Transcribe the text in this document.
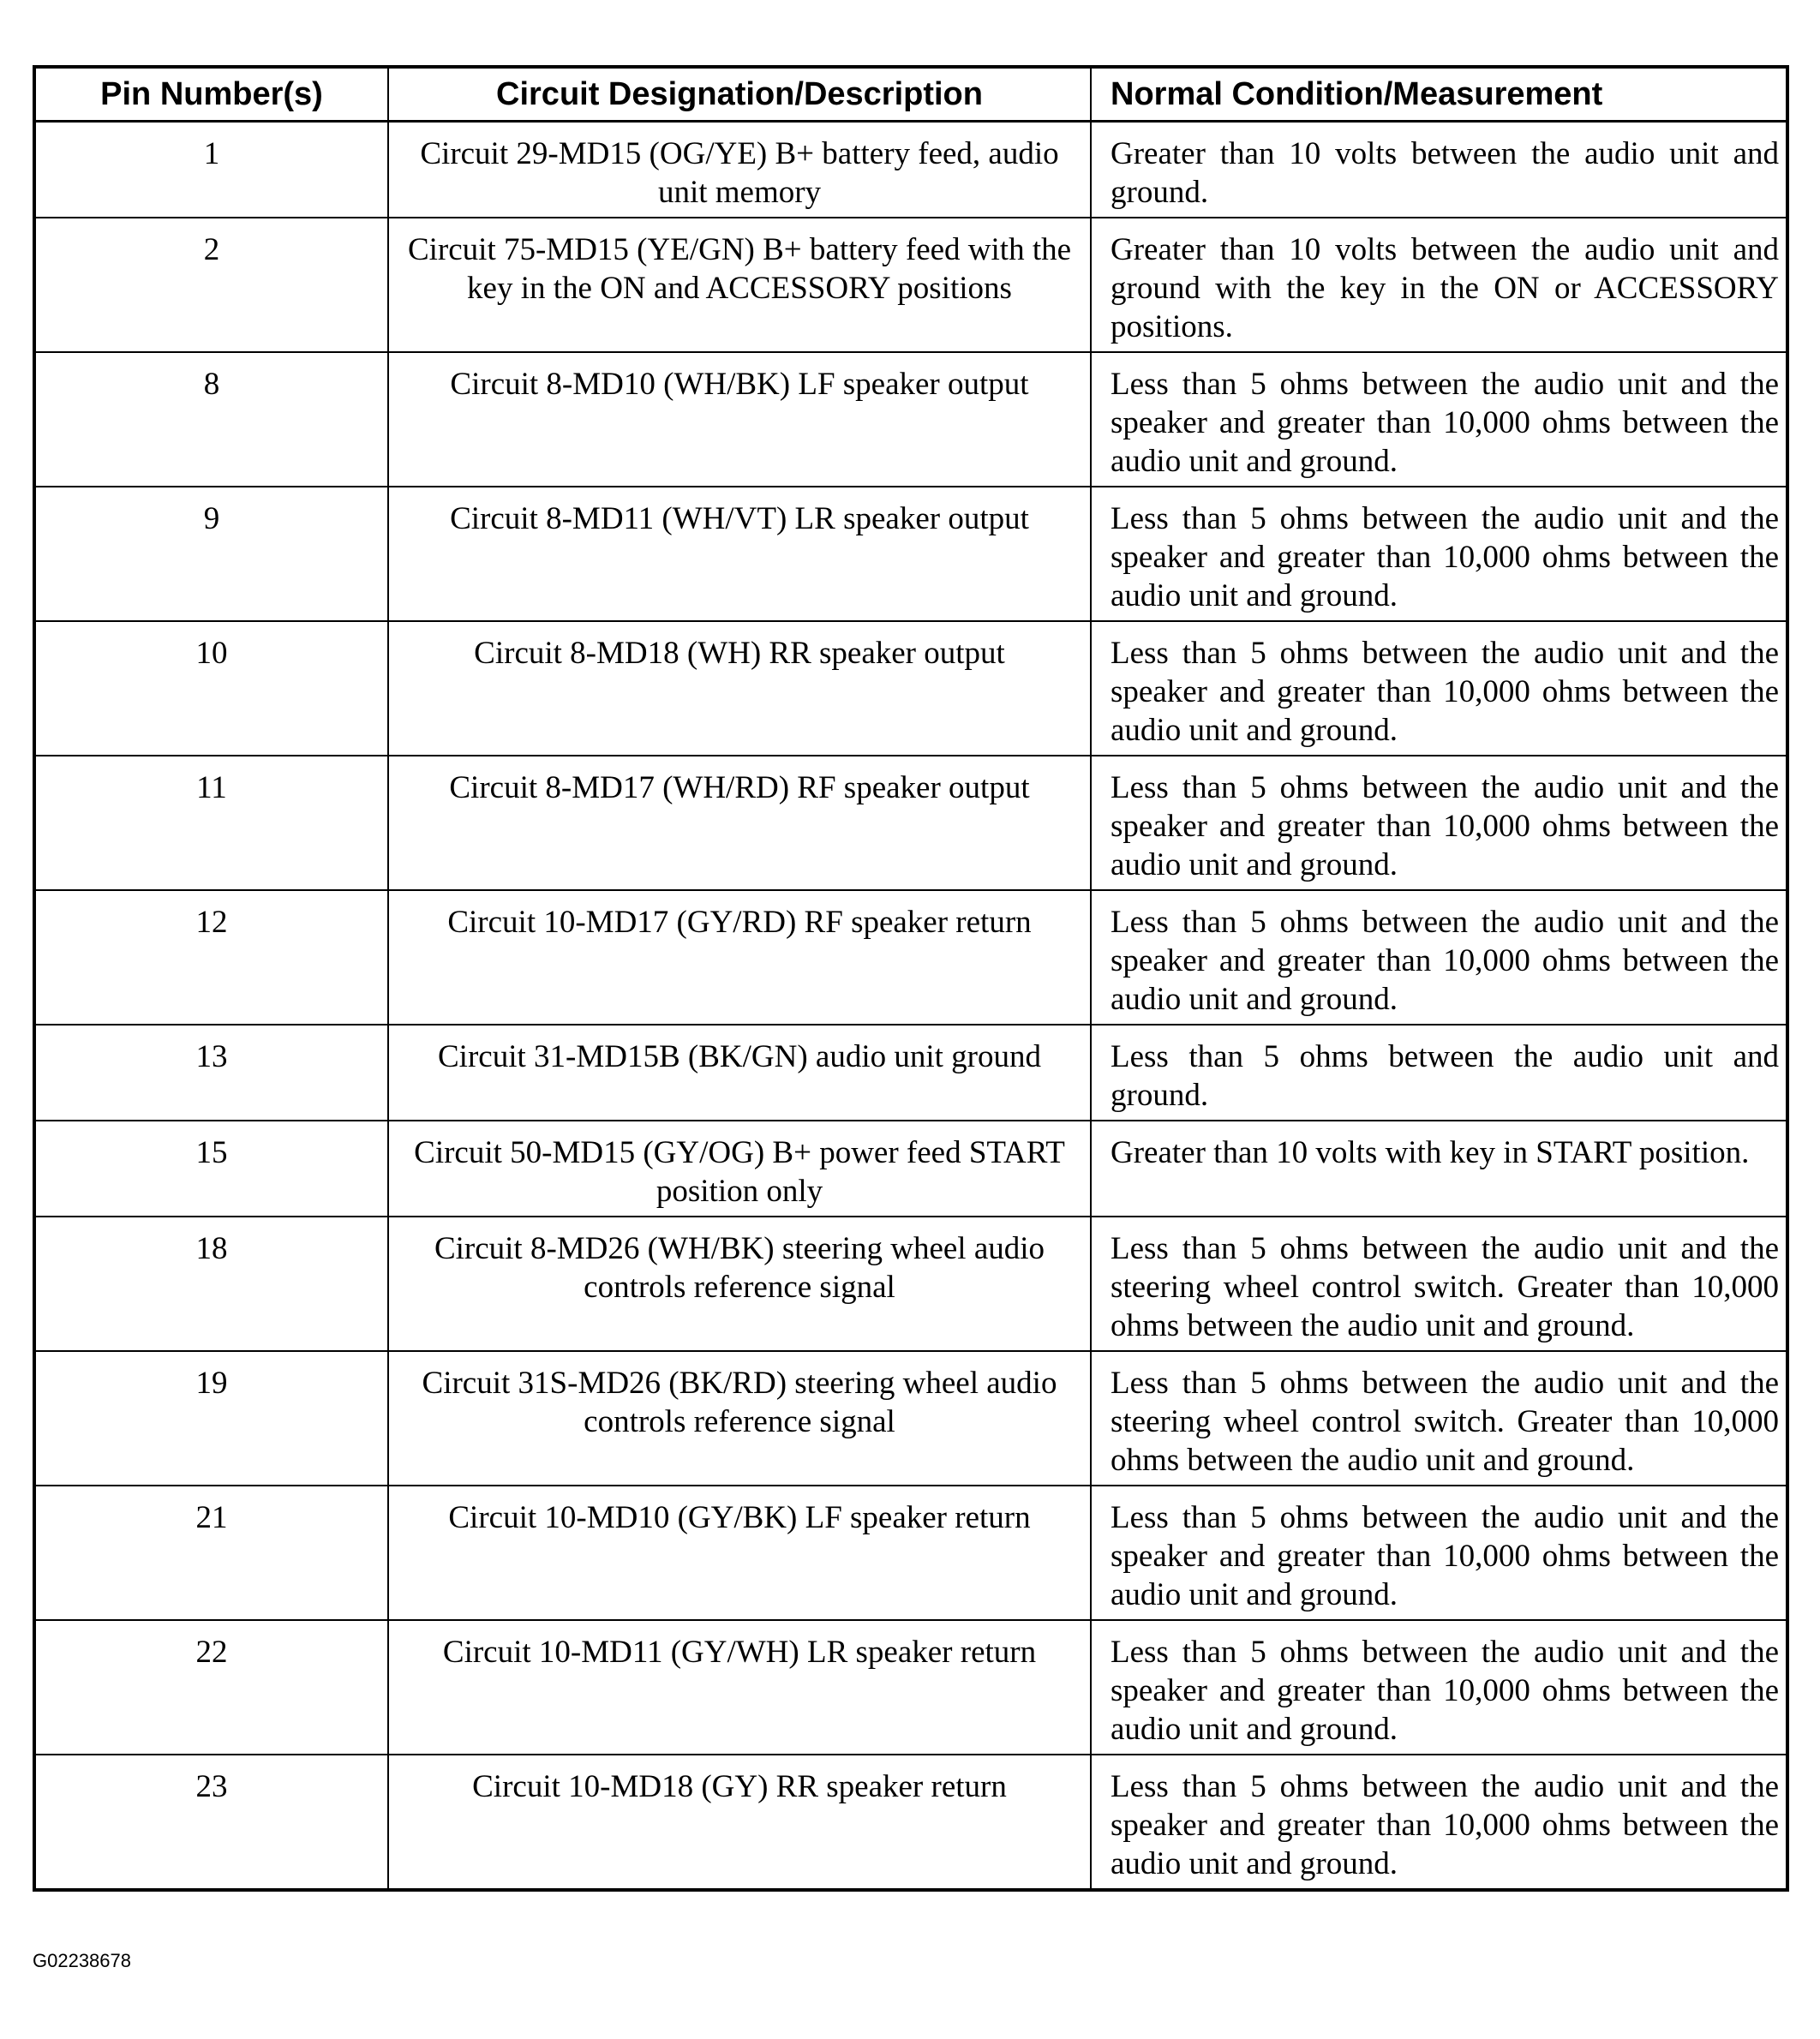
Pin Number(s)	Circuit Designation/Description	Normal Condition/Measurement
1	Circuit 29-MD15 (OG/YE) B+ battery feed, audio unit memory	Greater than 10 volts between the audio unit and ground.
2	Circuit 75-MD15 (YE/GN) B+ battery feed with the key in the ON and ACCESSORY positions	Greater than 10 volts between the audio unit and ground with the key in the ON or ACCESSORY positions.
8	Circuit 8-MD10 (WH/BK) LF speaker output	Less than 5 ohms between the audio unit and the speaker and greater than 10,000 ohms between the audio unit and ground.
9	Circuit 8-MD11 (WH/VT) LR speaker output	Less than 5 ohms between the audio unit and the speaker and greater than 10,000 ohms between the audio unit and ground.
10	Circuit 8-MD18 (WH) RR speaker output	Less than 5 ohms between the audio unit and the speaker and greater than 10,000 ohms between the audio unit and ground.
11	Circuit 8-MD17 (WH/RD) RF speaker output	Less than 5 ohms between the audio unit and the speaker and greater than 10,000 ohms between the audio unit and ground.
12	Circuit 10-MD17 (GY/RD) RF speaker return	Less than 5 ohms between the audio unit and the speaker and greater than 10,000 ohms between the audio unit and ground.
13	Circuit 31-MD15B (BK/GN) audio unit ground	Less than 5 ohms between the audio unit and ground.
15	Circuit 50-MD15 (GY/OG) B+ power feed START position only	Greater than 10 volts with key in START position.
18	Circuit 8-MD26 (WH/BK) steering wheel audio controls reference signal	Less than 5 ohms between the audio unit and the steering wheel control switch. Greater than 10,000 ohms between the audio unit and ground.
19	Circuit 31S-MD26 (BK/RD) steering wheel audio controls reference signal	Less than 5 ohms between the audio unit and the steering wheel control switch. Greater than 10,000 ohms between the audio unit and ground.
21	Circuit 10-MD10 (GY/BK) LF speaker return	Less than 5 ohms between the audio unit and the speaker and greater than 10,000 ohms between the audio unit and ground.
22	Circuit 10-MD11 (GY/WH) LR speaker return	Less than 5 ohms between the audio unit and the speaker and greater than 10,000 ohms between the audio unit and ground.
23	Circuit 10-MD18 (GY) RR speaker return	Less than 5 ohms between the audio unit and the speaker and greater than 10,000 ohms between the audio unit and ground.
G02238678
